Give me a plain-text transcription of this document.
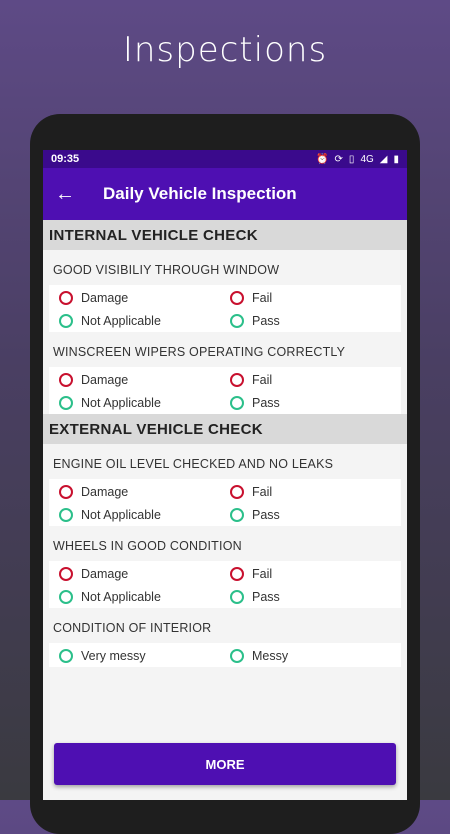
Inspections
09:35	⏰ ⟳ ▯ 4G ◢ ▮
←	Daily Vehicle Inspection
INTERNAL VEHICLE CHECK
GOOD VISIBILIY THROUGH WINDOW
Damage	Fail
Not Applicable	Pass
WINSCREEN WIPERS OPERATING CORRECTLY
Damage	Fail
Not Applicable	Pass
EXTERNAL VEHICLE CHECK
ENGINE OIL LEVEL CHECKED AND NO LEAKS
Damage	Fail
Not Applicable	Pass
WHEELS IN GOOD CONDITION
Damage	Fail
Not Applicable	Pass
CONDITION OF INTERIOR
Very messy	Messy
MORE
